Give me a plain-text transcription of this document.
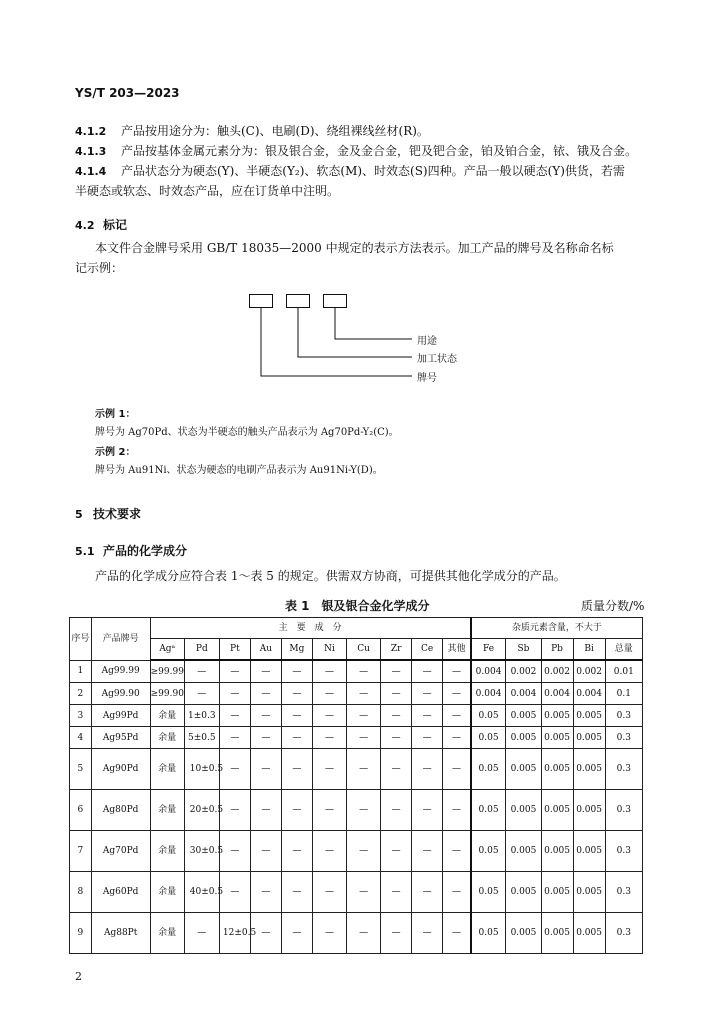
YS/T 203—2023
4.1.2 产品按用途分为：触头(C)、电刷(D)、绕组裸线丝材(R)。
4.1.3 产品按基体金属元素分为：银及银合金，金及金合金，钯及钯合金，铂及铂合金，铱、锇及合金。
4.1.4 产品状态分为硬态(Y)、半硬态(Y₂)、软态(M)、时效态(S)四种。产品一般以硬态(Y)供货，若需
半硬态或软态、时效态产品，应在订货单中注明。
4.2 标记
本文件合金牌号采用 GB/T 18035—2000 中规定的表示方法表示。加工产品的牌号及名称命名标
记示例：
用途
加工状态
牌号
示例 1：
牌号为 Ag70Pd、状态为半硬态的触头产品表示为 Ag70Pd-Y₂(C)。
示例 2：
牌号为 Au91Ni、状态为硬态的电刷产品表示为 Au91Ni-Y(D)。
5 技术要求
5.1 产品的化学成分
产品的化学成分应符合表 1～表 5 的规定。供需双方协商，可提供其他化学成分的产品。
表 1　银及银合金化学成分	质量分数/%
序号	产品牌号	主　要　成　分										杂质元素含量，不大于				
		Agᵃ	Pd	Pt	Au	Mg	Ni	Cu	Zr	Ce	其他	Fe	Sb	Pb	Bi	总量
1	Ag99.99	≥99.99	—	—	—	—	—	—	—	—	—	0.004	0.002	0.002	0.002	0.01
2	Ag99.90	≥99.90	—	—	—	—	—	—	—	—	—	0.004	0.004	0.004	0.004	0.1
3	Ag99Pd	余量	1±0.3	—	—	—	—	—	—	—	—	0.05	0.005	0.005	0.005	0.3
4	Ag95Pd	余量	5±0.5	—	—	—	—	—	—	—	—	0.05	0.005	0.005	0.005	0.3
5	Ag90Pd	余量	10±0.5	—	—	—	—	—	—	—	—	0.05	0.005	0.005	0.005	0.3
6	Ag80Pd	余量	20±0.5	—	—	—	—	—	—	—	—	0.05	0.005	0.005	0.005	0.3
7	Ag70Pd	余量	30±0.5	—	—	—	—	—	—	—	—	0.05	0.005	0.005	0.005	0.3
8	Ag60Pd	余量	40±0.5	—	—	—	—	—	—	—	—	0.05	0.005	0.005	0.005	0.3
9	Ag88Pt	余量	—	12±0.5	—	—	—	—	—	—	—	0.05	0.005	0.005	0.005	0.3
2
